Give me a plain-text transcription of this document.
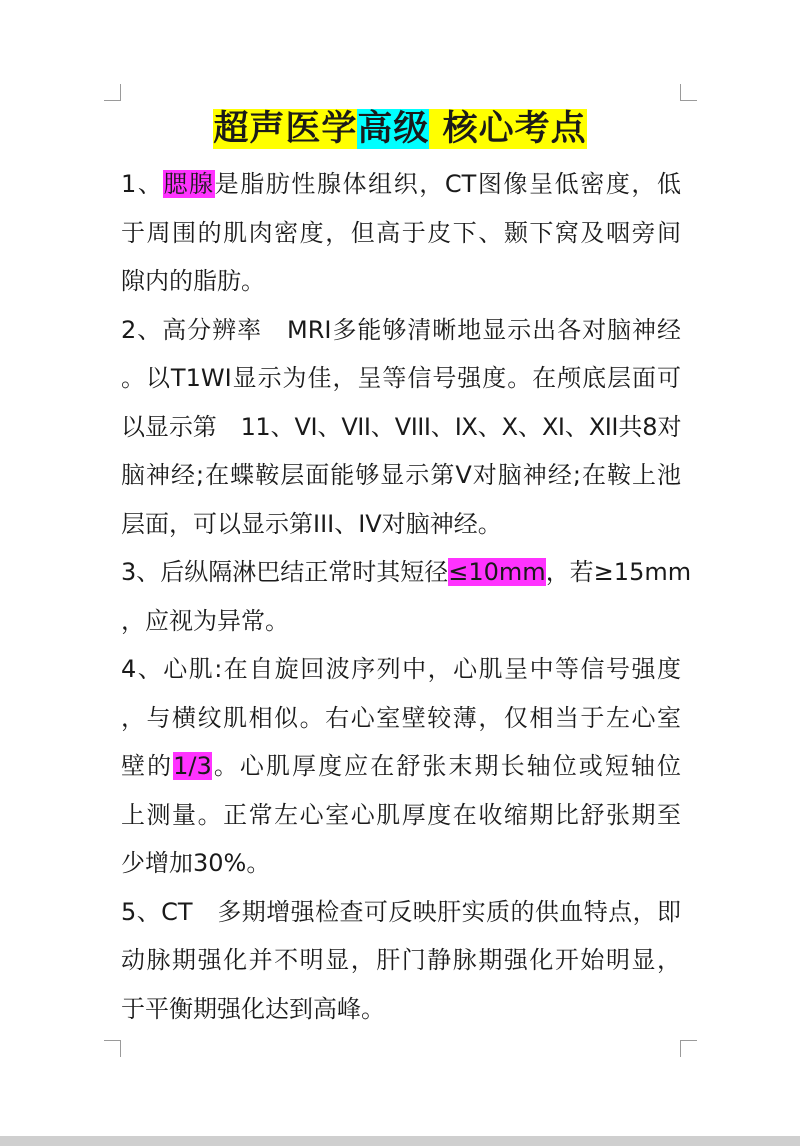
超声医学高级 核心考点
1、腮腺是脂肪性腺体组织，CT图像呈低密度，低
于周围的肌肉密度，但高于皮下、颞下窝及咽旁间
隙内的脂肪。
2、高分辨率　MRI多能够清晰地显示出各对脑神经
。以T1WI显示为佳，呈等信号强度。在颅底层面可
以显示第　11、VI、VII、VIII、IX、X、XI、XII共8对
脑神经;在蝶鞍层面能够显示第V对脑神经;在鞍上池
层面，可以显示第III、IV对脑神经。
3、后纵隔淋巴结正常时其短径≤10mm，若≥15mm
，应视为异常。
4、心肌:在自旋回波序列中，心肌呈中等信号强度
，与横纹肌相似。右心室壁较薄，仅相当于左心室
壁的1/3。心肌厚度应在舒张末期长轴位或短轴位
上测量。正常左心室心肌厚度在收缩期比舒张期至
少增加30%。
5、CT　多期增强检查可反映肝实质的供血特点，即
动脉期强化并不明显，肝门静脉期强化开始明显，
于平衡期强化达到高峰。
